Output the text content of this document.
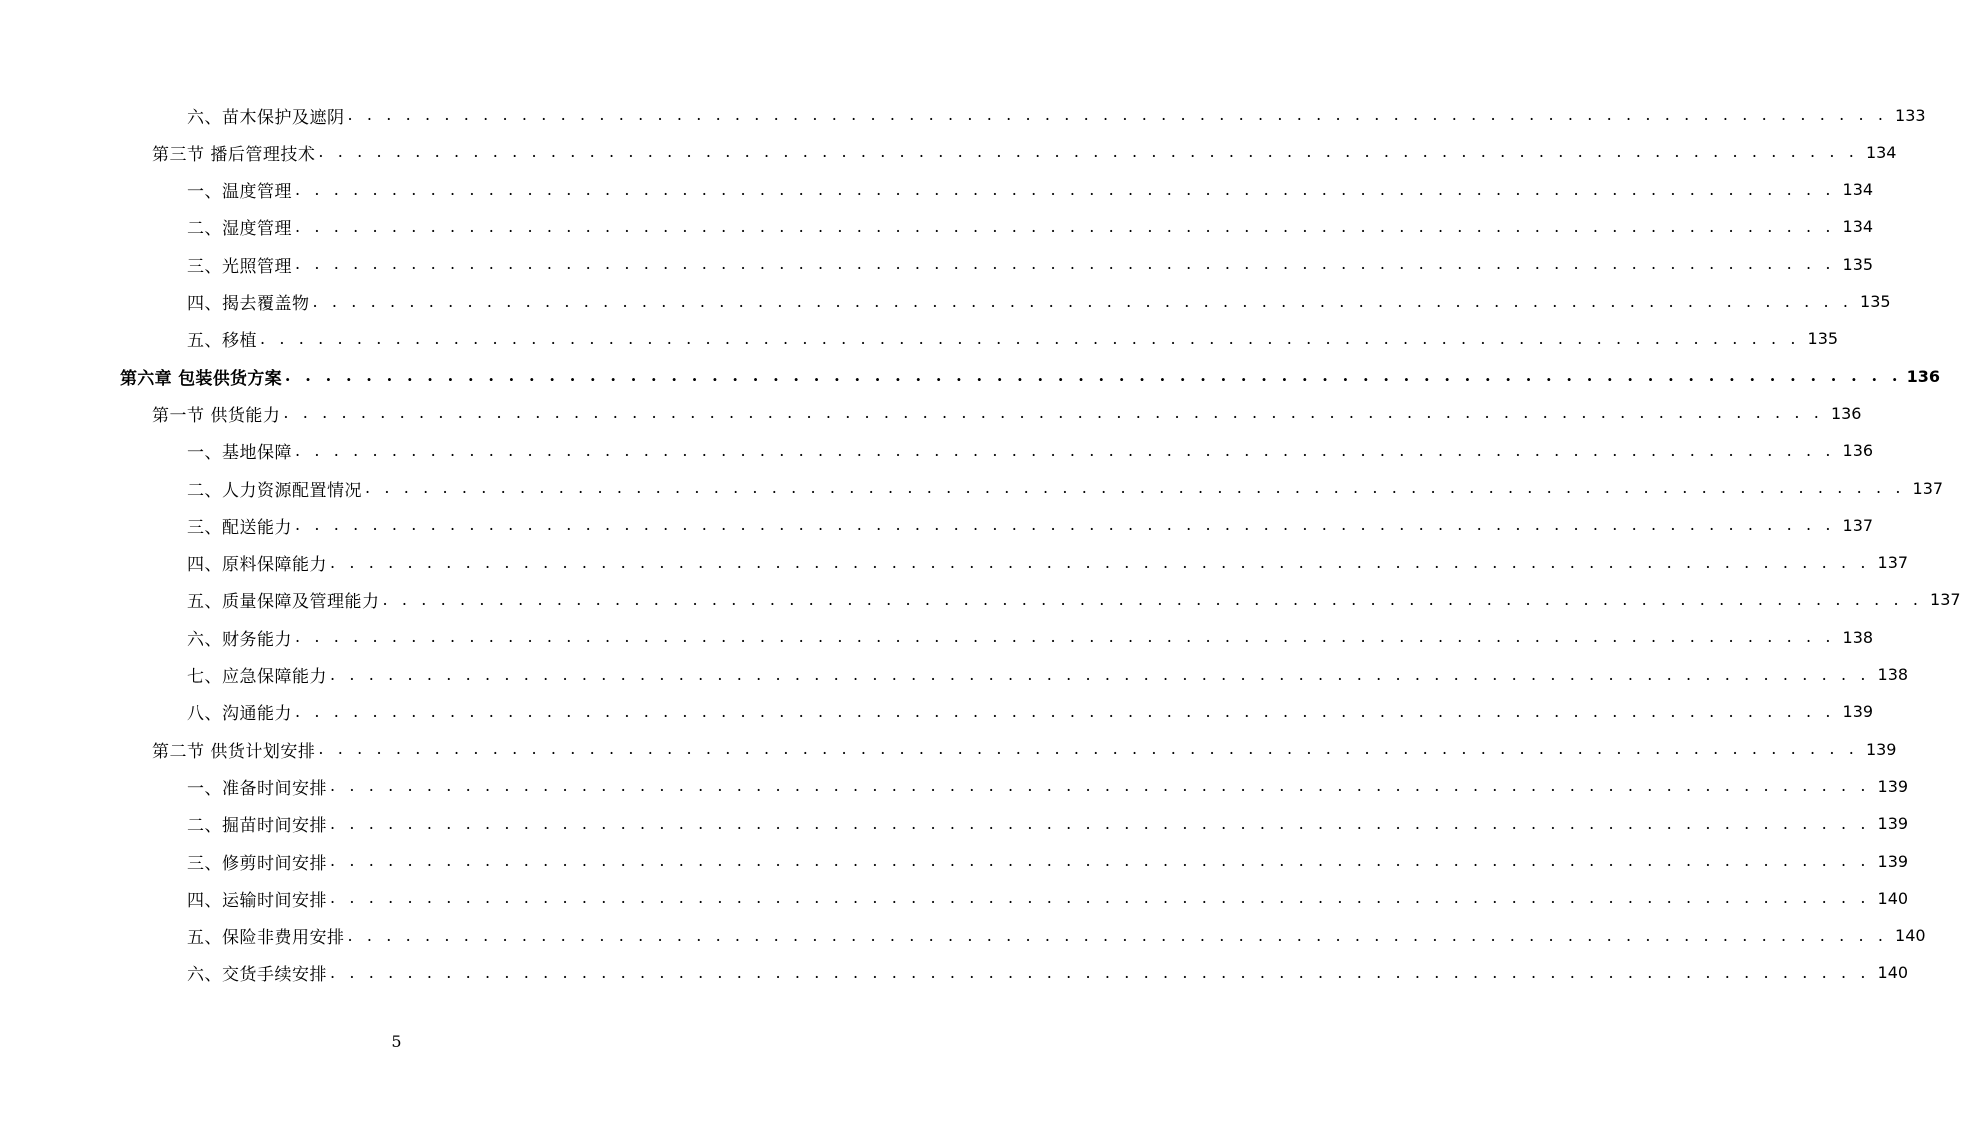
六、苗木保护及遮阴 . . . . . . . . . . . . . . . . . . . . . . . . . . . . . . . . . . . . . . . . . . . . . . . . . . . . . . . . . . . . . . . . . . . . . . . . . . . . . . . . 133
第三节 播后管理技术 . . . . . . . . . . . . . . . . . . . . . . . . . . . . . . . . . . . . . . . . . . . . . . . . . . . . . . . . . . . . . . . . . . . . . . . . . . . . . . . . 134
一、温度管理 . . . . . . . . . . . . . . . . . . . . . . . . . . . . . . . . . . . . . . . . . . . . . . . . . . . . . . . . . . . . . . . . . . . . . . . . . . . . . . . . 134
二、湿度管理 . . . . . . . . . . . . . . . . . . . . . . . . . . . . . . . . . . . . . . . . . . . . . . . . . . . . . . . . . . . . . . . . . . . . . . . . . . . . . . . . 134
三、光照管理 . . . . . . . . . . . . . . . . . . . . . . . . . . . . . . . . . . . . . . . . . . . . . . . . . . . . . . . . . . . . . . . . . . . . . . . . . . . . . . . . 135
四、揭去覆盖物 . . . . . . . . . . . . . . . . . . . . . . . . . . . . . . . . . . . . . . . . . . . . . . . . . . . . . . . . . . . . . . . . . . . . . . . . . . . . . . . . 135
五、移植 . . . . . . . . . . . . . . . . . . . . . . . . . . . . . . . . . . . . . . . . . . . . . . . . . . . . . . . . . . . . . . . . . . . . . . . . . . . . . . . . 135
第六章 包装供货方案 . . . . . . . . . . . . . . . . . . . . . . . . . . . . . . . . . . . . . . . . . . . . . . . . . . . . . . . . . . . . . . . . . . . . . . . . . . . . . . . . 136
第一节 供货能力 . . . . . . . . . . . . . . . . . . . . . . . . . . . . . . . . . . . . . . . . . . . . . . . . . . . . . . . . . . . . . . . . . . . . . . . . . . . . . . . . 136
一、基地保障 . . . . . . . . . . . . . . . . . . . . . . . . . . . . . . . . . . . . . . . . . . . . . . . . . . . . . . . . . . . . . . . . . . . . . . . . . . . . . . . . 136
二、人力资源配置情况 . . . . . . . . . . . . . . . . . . . . . . . . . . . . . . . . . . . . . . . . . . . . . . . . . . . . . . . . . . . . . . . . . . . . . . . . . . . . . . . . 137
三、配送能力 . . . . . . . . . . . . . . . . . . . . . . . . . . . . . . . . . . . . . . . . . . . . . . . . . . . . . . . . . . . . . . . . . . . . . . . . . . . . . . . . 137
四、原料保障能力 . . . . . . . . . . . . . . . . . . . . . . . . . . . . . . . . . . . . . . . . . . . . . . . . . . . . . . . . . . . . . . . . . . . . . . . . . . . . . . . . 137
五、质量保障及管理能力 . . . . . . . . . . . . . . . . . . . . . . . . . . . . . . . . . . . . . . . . . . . . . . . . . . . . . . . . . . . . . . . . . . . . . . . . . . . . . . . . 137
六、财务能力 . . . . . . . . . . . . . . . . . . . . . . . . . . . . . . . . . . . . . . . . . . . . . . . . . . . . . . . . . . . . . . . . . . . . . . . . . . . . . . . . 138
七、应急保障能力 . . . . . . . . . . . . . . . . . . . . . . . . . . . . . . . . . . . . . . . . . . . . . . . . . . . . . . . . . . . . . . . . . . . . . . . . . . . . . . . . 138
八、沟通能力 . . . . . . . . . . . . . . . . . . . . . . . . . . . . . . . . . . . . . . . . . . . . . . . . . . . . . . . . . . . . . . . . . . . . . . . . . . . . . . . . 139
第二节 供货计划安排 . . . . . . . . . . . . . . . . . . . . . . . . . . . . . . . . . . . . . . . . . . . . . . . . . . . . . . . . . . . . . . . . . . . . . . . . . . . . . . . . 139
一、准备时间安排 . . . . . . . . . . . . . . . . . . . . . . . . . . . . . . . . . . . . . . . . . . . . . . . . . . . . . . . . . . . . . . . . . . . . . . . . . . . . . . . . 139
二、掘苗时间安排 . . . . . . . . . . . . . . . . . . . . . . . . . . . . . . . . . . . . . . . . . . . . . . . . . . . . . . . . . . . . . . . . . . . . . . . . . . . . . . . . 139
三、修剪时间安排 . . . . . . . . . . . . . . . . . . . . . . . . . . . . . . . . . . . . . . . . . . . . . . . . . . . . . . . . . . . . . . . . . . . . . . . . . . . . . . . . 139
四、运输时间安排 . . . . . . . . . . . . . . . . . . . . . . . . . . . . . . . . . . . . . . . . . . . . . . . . . . . . . . . . . . . . . . . . . . . . . . . . . . . . . . . . 140
五、保险非费用安排 . . . . . . . . . . . . . . . . . . . . . . . . . . . . . . . . . . . . . . . . . . . . . . . . . . . . . . . . . . . . . . . . . . . . . . . . . . . . . . . . 140
六、交货手续安排 . . . . . . . . . . . . . . . . . . . . . . . . . . . . . . . . . . . . . . . . . . . . . . . . . . . . . . . . . . . . . . . . . . . . . . . . . . . . . . . . 140
5
